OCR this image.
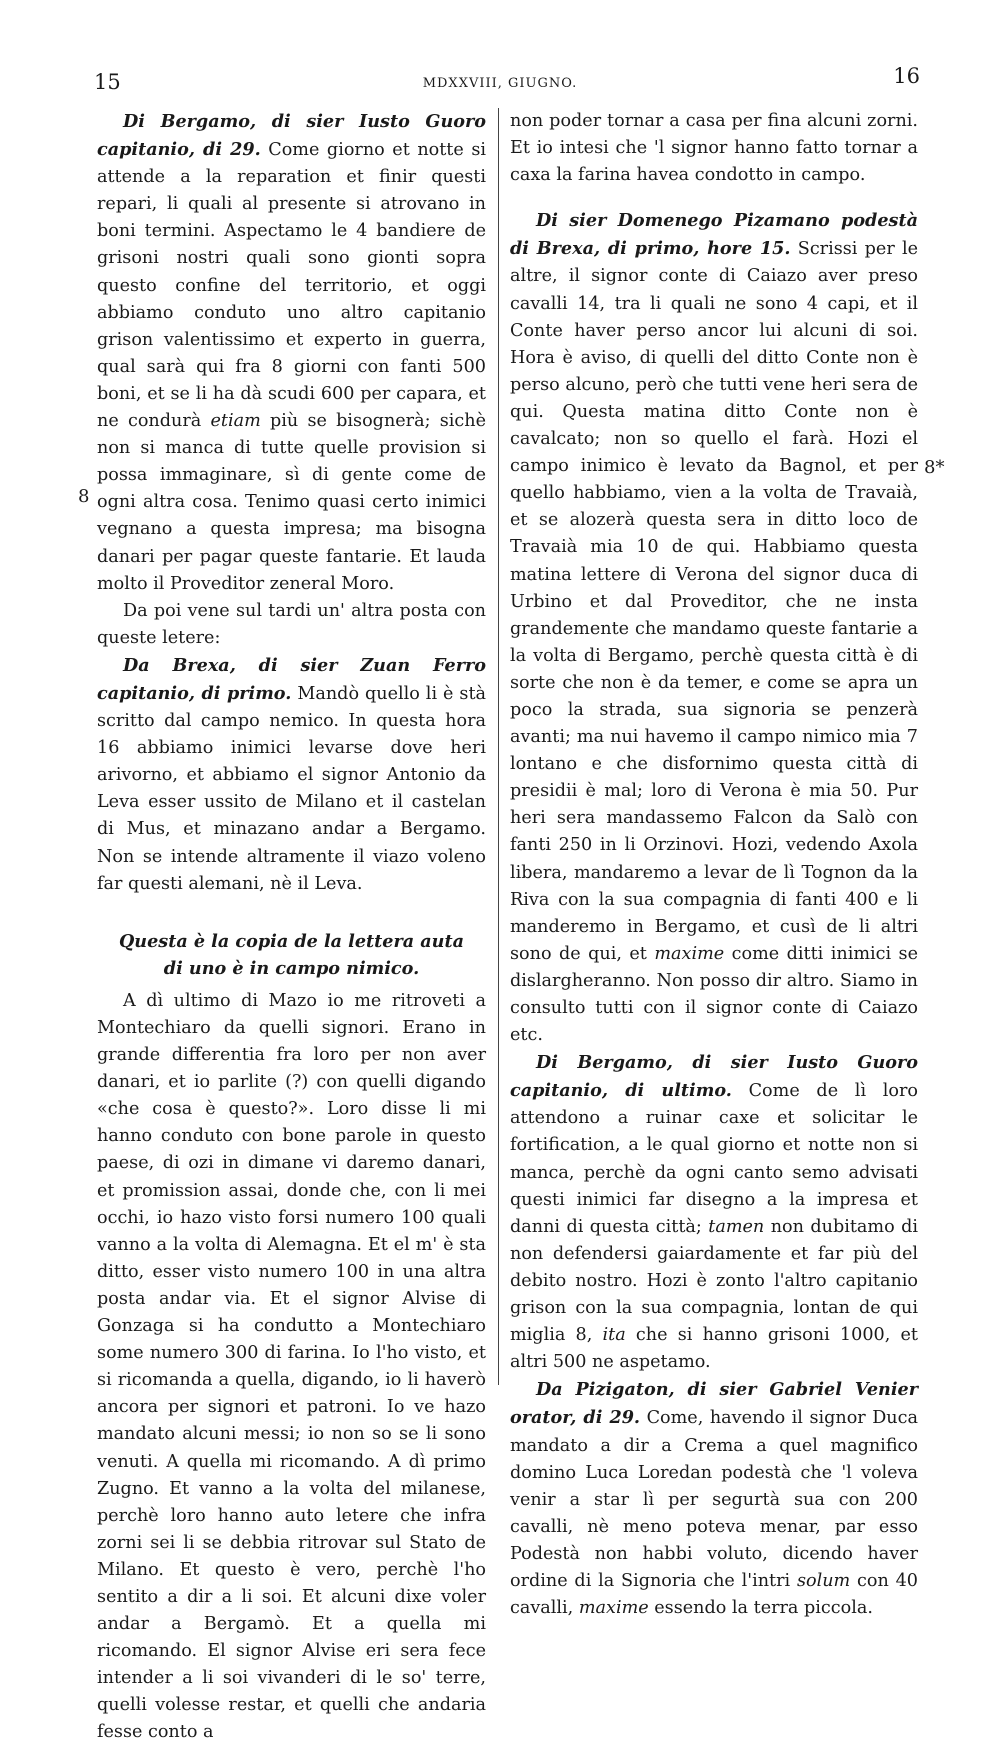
15	MDXXVIII, GIUGNO.	16
8
8*

Di Bergamo, di sier Iusto Guoro capitanio, di 29. Come giorno et notte si attende a la reparation et finir questi repari, li quali al presente si atrovano in boni termini. Aspectamo le 4 bandiere de grisoni nostri quali sono gionti sopra questo confine del territorio, et oggi abbiamo conduto uno altro capitanio grison valentissimo et experto in guerra, qual sarà qui fra 8 giorni con fanti 500 boni, et se li ha dà scudi 600 per capara, et ne condurà etiam più se bisognerà; sichè non si manca di tutte quelle provision si possa immaginare, sì di gente come de ogni altra cosa. Tenimo quasi certo inimici vegnano a questa impresa; ma bisogna danari per pagar queste fantarie. Et lauda molto il Proveditor zeneral Moro.

Da poi vene sul tardi un' altra posta con queste letere:

Da Brexa, di sier Zuan Ferro capitanio, di primo. Mandò quello li è stà scritto dal campo nemico. In questa hora 16 abbiamo inimici levarse dove heri arivorno, et abbiamo el signor Antonio da Leva esser ussito de Milano et il castelan di Mus, et minazano andar a Bergamo. Non se intende altramente il viazo voleno far questi alemani, nè il Leva.

Questa è la copia de la lettera auta di uno è in campo nimico.

A dì ultimo di Mazo io me ritroveti a Montechiaro da quelli signori. Erano in grande differentia fra loro per non aver danari, et io parlite (?) con quelli digando «che cosa è questo?». Loro disse li mi hanno conduto con bone parole in questo paese, di ozi in dimane vi daremo danari, et promission assai, donde che, con li mei occhi, io hazo visto forsi numero 100 quali vanno a la volta di Alemagna. Et el m' è sta ditto, esser visto numero 100 in una altra posta andar via. Et el signor Alvise di Gonzaga si ha condutto a Montechiaro some numero 300 di farina. Io l'ho visto, et si ricomanda a quella, digando, io li haverò ancora per signori et patroni. Io ve hazo mandato alcuni messi; io non so se li sono venuti. A quella mi ricomando. A dì primo Zugno. Et vanno a la volta del milanese, perchè loro hanno auto letere che infra zorni sei li se debbia ritrovar sul Stato de Milano. Et questo è vero, perchè l'ho sentito a dir a li soi. Et alcuni dixe voler andar a Bergamò. Et a quella mi ricomando. El signor Alvise eri sera fece intender a li soi vivanderi di le so' terre, quelli volesse restar, et quelli che andaria fesse conto a

non poder tornar a casa per fina alcuni zorni. Et io intesi che 'l signor hanno fatto tornar a caxa la farina havea condotto in campo.

Di sier Domenego Pizamano podestà di Brexa, di primo, hore 15. Scrissi per le altre, il signor conte di Caiazo aver preso cavalli 14, tra li quali ne sono 4 capi, et il Conte haver perso ancor lui alcuni di soi. Hora è aviso, di quelli del ditto Conte non è perso alcuno, però che tutti vene heri sera de qui. Questa matina ditto Conte non è cavalcato; non so quello el farà. Hozi el campo inimico è levato da Bagnol, et per quello habbiamo, vien a la volta de Travaià, et se alozerà questa sera in ditto loco de Travaià mia 10 de qui. Habbiamo questa matina lettere di Verona del signor duca di Urbino et dal Proveditor, che ne insta grandemente che mandamo queste fantarie a la volta di Bergamo, perchè questa città è di sorte che non è da temer, e come se apra un poco la strada, sua signoria se penzerà avanti; ma nui havemo il campo nimico mia 7 lontano e che disfornimo questa città di presidii è mal; loro di Verona è mia 50. Pur heri sera mandassemo Falcon da Salò con fanti 250 in li Orzinovi. Hozi, vedendo Axola libera, mandaremo a levar de lì Tognon da la Riva con la sua compagnia di fanti 400 e li manderemo in Bergamo, et cusì de li altri sono de qui, et maxime come ditti inimici se dislargheranno. Non posso dir altro. Siamo in consulto tutti con il signor conte di Caiazo etc.

Di Bergamo, di sier Iusto Guoro capitanio, di ultimo. Come de lì loro attendono a ruinar caxe et solicitar le fortification, a le qual giorno et notte non si manca, perchè da ogni canto semo advisati questi inimici far disegno a la impresa et danni di questa città; tamen non dubitamo di non defendersi gaiardamente et far più del debito nostro. Hozi è zonto l'altro capitanio grison con la sua compagnia, lontan de qui miglia 8, ita che si hanno grisoni 1000, et altri 500 ne aspetamo.

Da Pizigaton, di sier Gabriel Venier orator, di 29. Come, havendo il signor Duca mandato a dir a Crema a quel magnifico domino Luca Loredan podestà che 'l voleva venir a star lì per segurtà sua con 200 cavalli, nè meno poteva menar, par esso Podestà non habbi voluto, dicendo haver ordine di la Signoria che l'intri solum con 40 cavalli, maxime essendo la terra piccola.
